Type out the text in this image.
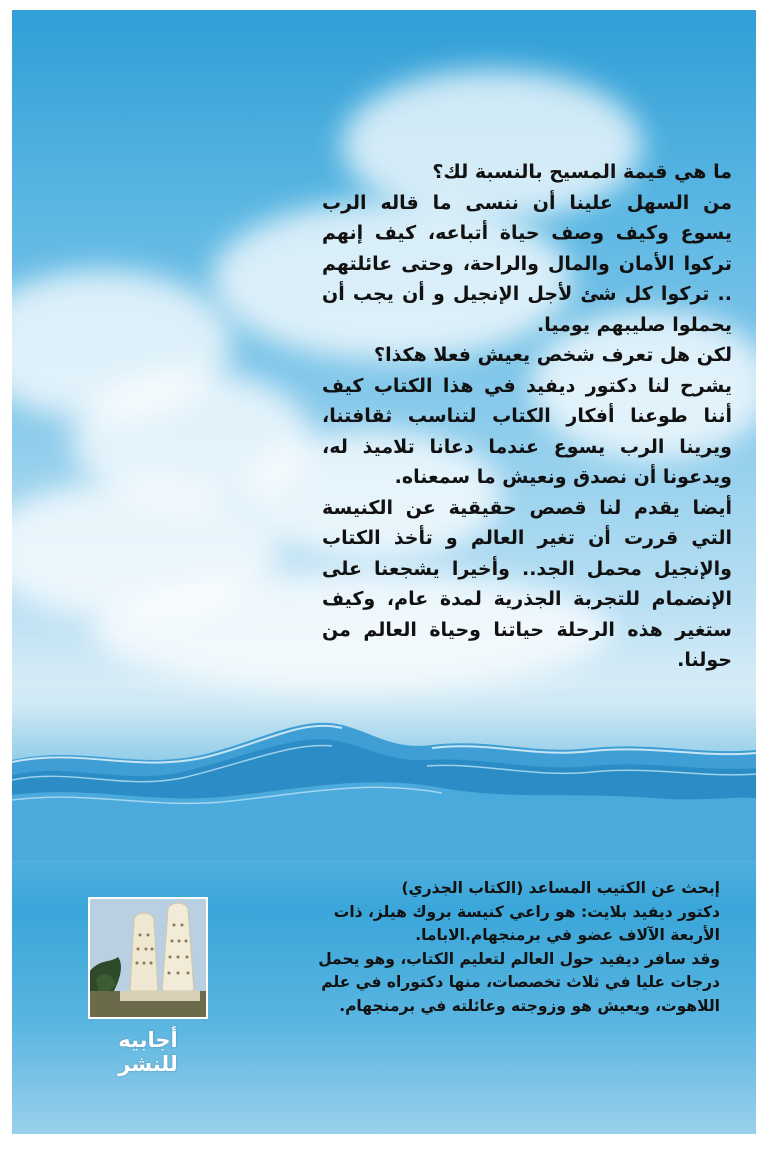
ما هي قيمة المسيح بالنسبة لك؟

من السهل علينا أن ننسى ما قاله الرب يسوع وكيف وصف حياة أتباعه، كيف إنهم تركوا الأمان والمال والراحة، وحتى عائلتهم .. تركوا كل شئ لأجل الإنجيل و أن يجب أن يحملوا صليبهم يوميا.

لكن هل تعرف شخص يعيش فعلا هكذا؟

يشرح لنا دكتور ديفيد في هذا الكتاب كيف أننا طوعنا أفكار الكتاب لتناسب ثقافتنا، ويرينا الرب يسوع عندما دعانا تلاميذ له، ويدعونا أن نصدق ونعيش ما سمعناه.

أيضا يقدم لنا قصص حقيقية عن الكنيسة التي قررت أن تغير العالم و تأخذ الكتاب والإنجيل محمل الجد.. وأخيرا يشجعنا على الإنضمام للتجربة الجذرية لمدة عام، وكيف ستغير هذه الرحلة حياتنا وحياة العالم من حولنا.

إبحث عن الكتيب المساعد (الكتاب الجذري)

دكتور ديفيد بلايت: هو راعي كنيسة بروك هيلز، ذات الأربعة الآلاف عضو في برمنجهام.الاباما.

وقد سافر ديفيد حول العالم لتعليم الكتاب، وهو يحمل درجات عليا في ثلاث تخصصات، منها دكتوراه في علم اللاهوت، ويعيش هو وزوجته وعائلته في برمنجهام.

أجابيه للنشر
